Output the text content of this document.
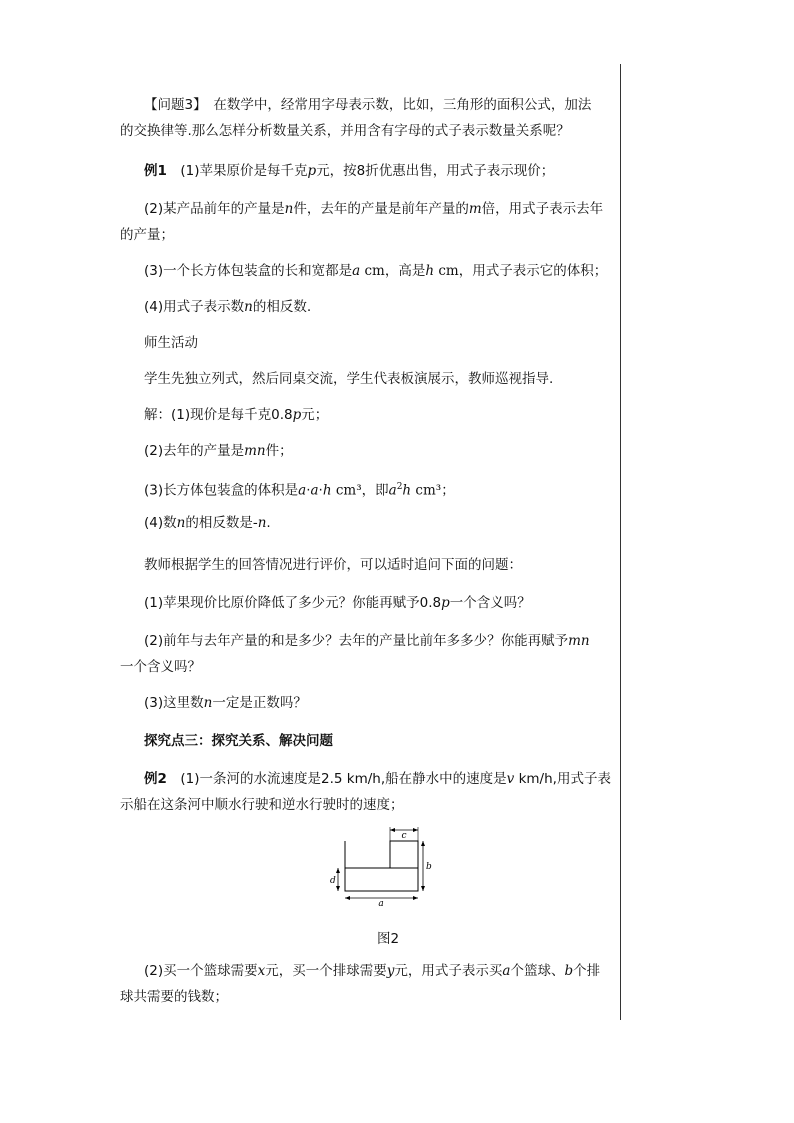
【问题3】　在数学中，经常用字母表示数，比如，三角形的面积公式，加法
的交换律等.那么怎样分析数量关系，并用含有字母的式子表示数量关系呢？
例1　(1)苹果原价是每千克p元，按8折优惠出售，用式子表示现价；
(2)某产品前年的产量是n件，去年的产量是前年产量的m倍，用式子表示去年
的产量；
(3)一个长方体包装盒的长和宽都是a cm，高是h cm，用式子表示它的体积；
(4)用式子表示数n的相反数.
师生活动
学生先独立列式，然后同桌交流，学生代表板演展示，教师巡视指导.
解：(1)现价是每千克0.8p元；
(2)去年的产量是mn件；
(3)长方体包装盒的体积是a·a·h cm³，即$a^2h$ cm³；
(4)数n的相反数是-n.
教师根据学生的回答情况进行评价，可以适时追问下面的问题：
(1)苹果现价比原价降低了多少元？你能再赋予0.8p一个含义吗？
(2)前年与去年产量的和是多少？去年的产量比前年多多少？你能再赋予mn
一个含义吗？
(3)这里数n一定是正数吗？
探究点三：探究关系、解决问题
例2　(1)一条河的水流速度是2.5 km/h,船在静水中的速度是v km/h,用式子表
示船在这条河中顺水行驶和逆水行驶时的速度；
(2)买一个篮球需要x元，买一个排球需要y元，用式子表示买a个篮球、b个排
球共需要的钱数；
c
b
d
a
图2
